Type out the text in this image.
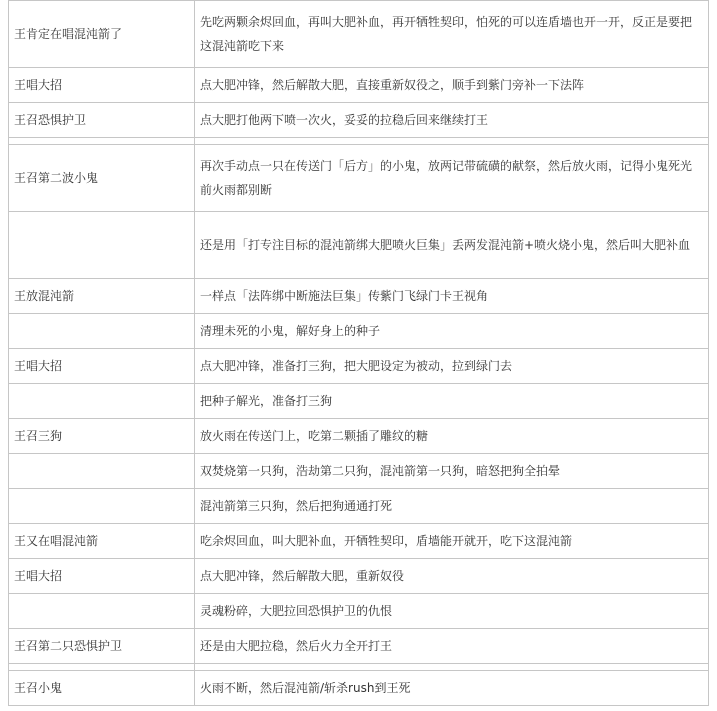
王肯定在唱混沌箭了	先吃两颗余烬回血，再叫大肥补血，再开牺牲契印，怕死的可以连盾墙也开一开，反正是要把这混沌箭吃下来
王唱大招	点大肥冲锋，然后解散大肥，直接重新奴役之，顺手到紫门旁补一下法阵
王召恐惧护卫	点大肥打他两下喷一次火，妥妥的拉稳后回来继续打王

王召第二波小鬼	再次手动点一只在传送门「后方」的小鬼，放两记带硫磺的献祭，然后放火雨，记得小鬼死光前火雨都别断
	还是用「打专注目标的混沌箭绑大肥喷火巨集」丢两发混沌箭+喷火烧小鬼，然后叫大肥补血
王放混沌箭	一样点「法阵绑中断施法巨集」传紫门飞绿门卡王视角
	清理未死的小鬼，解好身上的种子
王唱大招	点大肥冲锋，准备打三狗，把大肥设定为被动，拉到绿门去
	把种子解光，准备打三狗
王召三狗	放火雨在传送门上，吃第二颗插了雕纹的糖
	双焚烧第一只狗，浩劫第二只狗，混沌箭第一只狗，暗怒把狗全拍晕
	混沌箭第三只狗，然后把狗通通打死
王又在唱混沌箭	吃余烬回血，叫大肥补血，开牺牲契印，盾墙能开就开，吃下这混沌箭
王唱大招	点大肥冲锋，然后解散大肥，重新奴役
	灵魂粉碎，大肥拉回恐惧护卫的仇恨
王召第二只恐惧护卫	还是由大肥拉稳，然后火力全开打王

王召小鬼	火雨不断，然后混沌箭/斩杀rush到王死
